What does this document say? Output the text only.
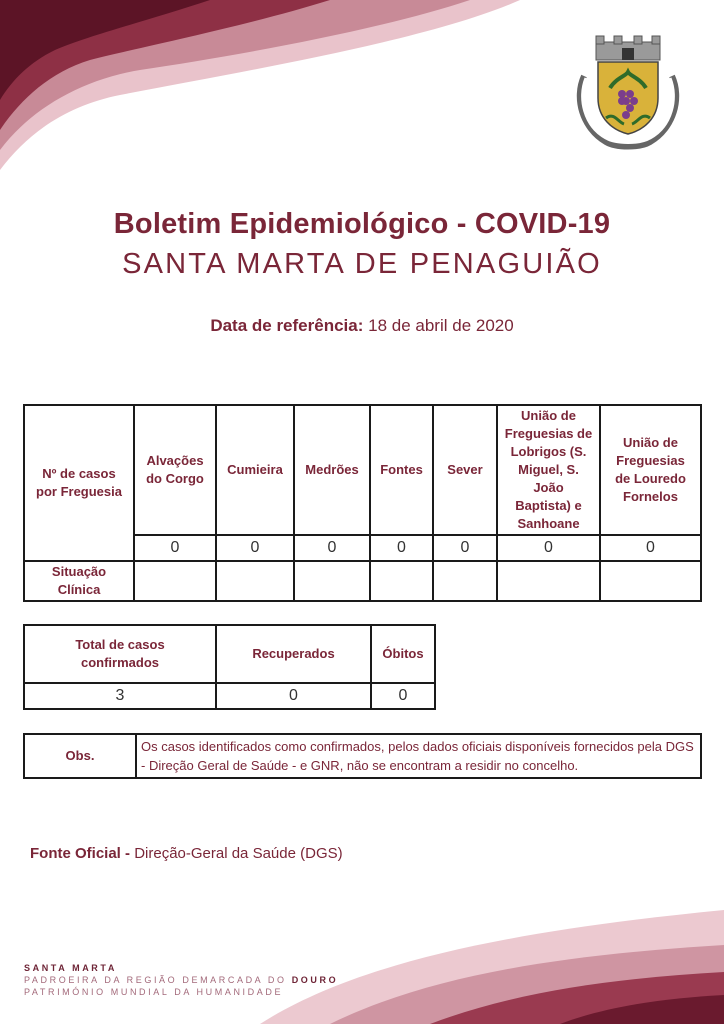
Boletim Epidemiológico - COVID-19
SANTA MARTA DE PENAGUIÃO
Data de referência: 18 de abril de 2020
Nº de casos por Freguesia	Alvações do Corgo	Cumieira	Medrões	Fontes	Sever	União de Freguesias de Lobrigos (S. Miguel, S. João Baptista) e Sanhoane	União de Freguesias de Louredo Fornelos
	0	0	0	0	0	0	0
Situação Clínica							
Total de casos confirmados	Recuperados	Óbitos
3	0	0
Obs.	Os casos identificados como confirmados, pelos dados oficiais disponíveis fornecidos pela DGS - Direção Geral de Saúde - e GNR, não se encontram a residir no concelho.
Fonte Oficial - Direção-Geral da Saúde (DGS)
SANTA MARTA
PADROEIRA DA REGIÃO DEMARCADA DO DOURO
PATRIMÓNIO MUNDIAL DA HUMANIDADE
